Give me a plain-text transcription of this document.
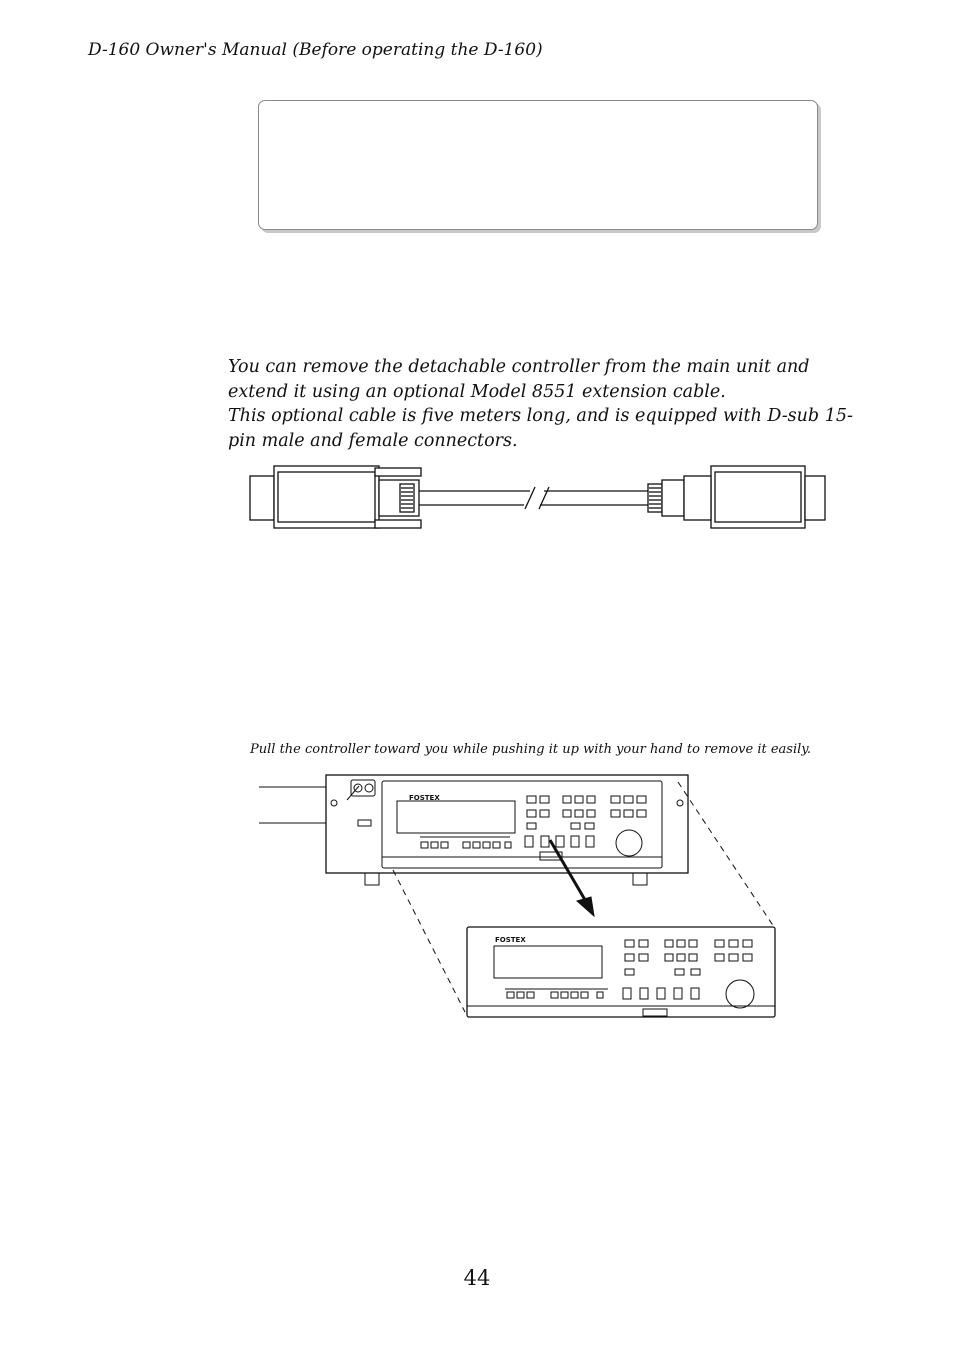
D-160 Owner's Manual (Before operating the D-160)

You can remove the detachable controller from the main unit and extend it using an optional Model 8551 extension cable.

This optional cable is five meters long, and is equipped with D-sub 15-pin male and female connectors.

Pull the controller toward you while pushing it up with your hand to remove it easily.
FOSTEX
FOSTEX
44
